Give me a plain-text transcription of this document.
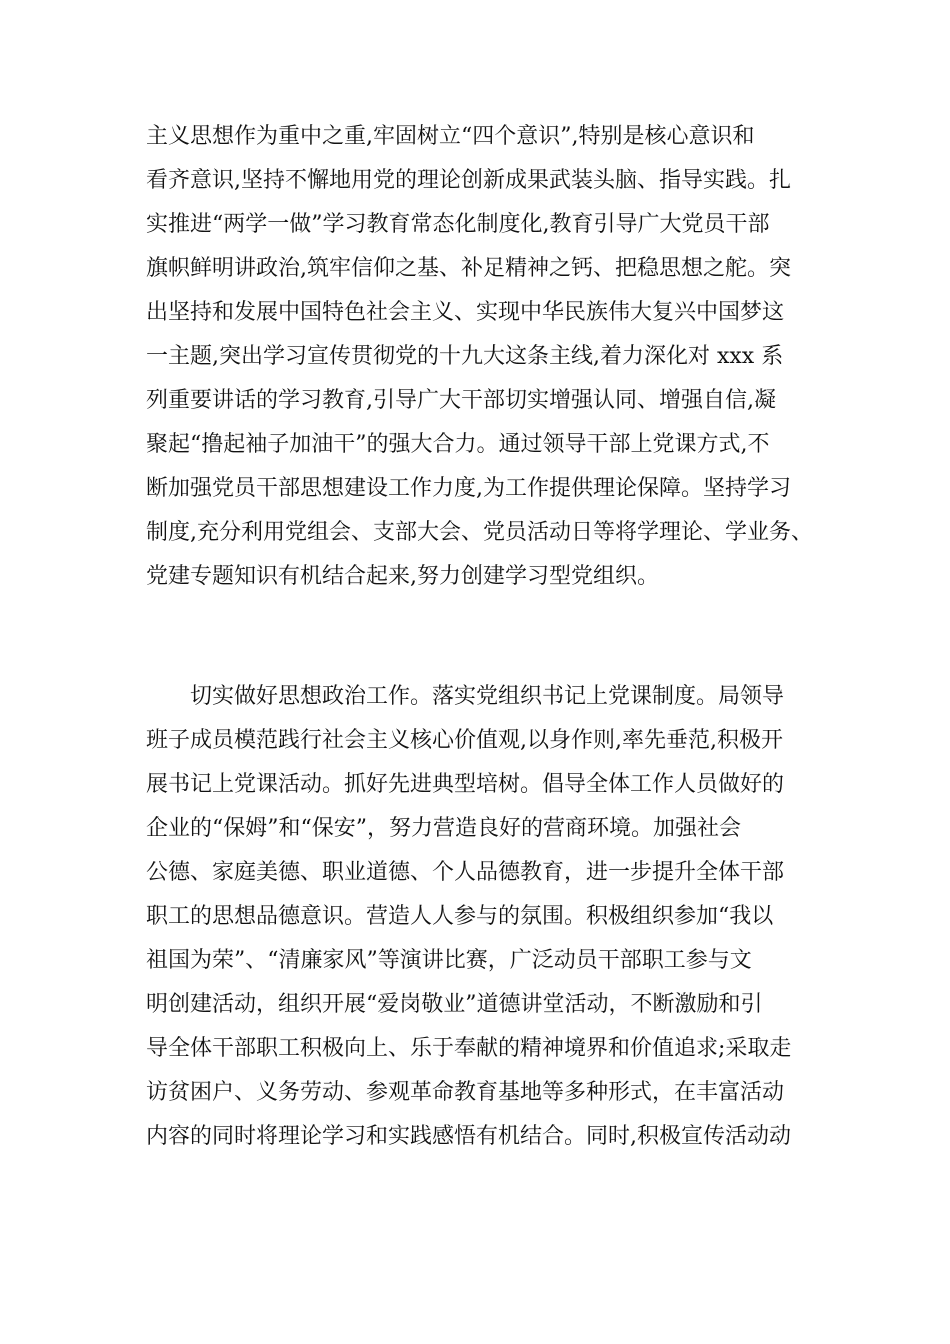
主义思想作为重中之重,牢固树立“四个意识”,特别是核心意识和
看齐意识,坚持不懈地用党的理论创新成果武装头脑、指导实践。扎
实推进“两学一做”学习教育常态化制度化,教育引导广大党员干部
旗帜鲜明讲政治,筑牢信仰之基、补足精神之钙、把稳思想之舵。突
出坚持和发展中国特色社会主义、实现中华民族伟大复兴中国梦这
一主题,突出学习宣传贯彻党的十九大这条主线,着力深化对 xxx 系
列重要讲话的学习教育,引导广大干部切实增强认同、增强自信,凝
聚起“撸起袖子加油干”的强大合力。通过领导干部上党课方式,不
断加强党员干部思想建设工作力度,为工作提供理论保障。坚持学习
制度,充分利用党组会、支部大会、党员活动日等将学理论、学业务、
党建专题知识有机结合起来,努力创建学习型党组织。
切实做好思想政治工作。落实党组织书记上党课制度。局领导
班子成员模范践行社会主义核心价值观,以身作则,率先垂范,积极开
展书记上党课活动。抓好先进典型培树。倡导全体工作人员做好的
企业的“保姆”和“保安”，努力营造良好的营商环境。加强社会
公德、家庭美德、职业道德、个人品德教育，进一步提升全体干部
职工的思想品德意识。营造人人参与的氛围。积极组织参加“我以
祖国为荣”、“清廉家风”等演讲比赛，广泛动员干部职工参与文
明创建活动，组织开展“爱岗敬业”道德讲堂活动，不断激励和引
导全体干部职工积极向上、乐于奉献的精神境界和价值追求;采取走
访贫困户、义务劳动、参观革命教育基地等多种形式，在丰富活动
内容的同时将理论学习和实践感悟有机结合。同时,积极宣传活动动
